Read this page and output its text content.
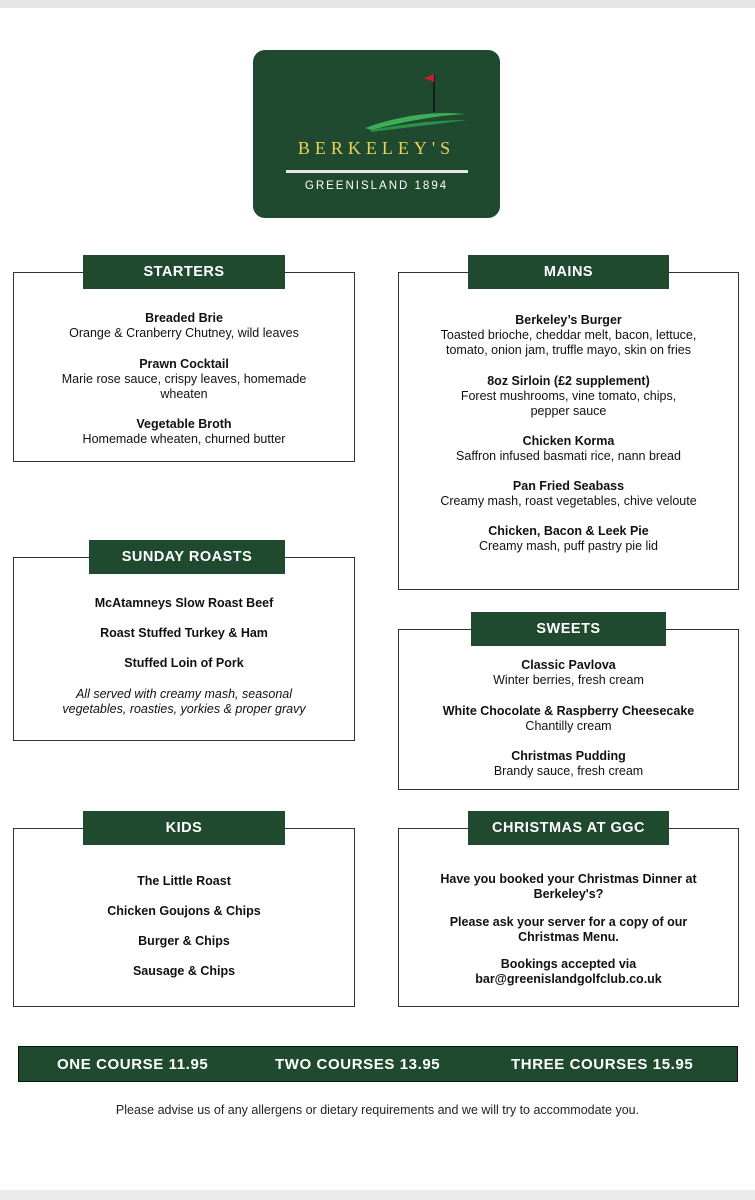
BERKELEY'S
GREENISLAND 1894
Breaded Brie
Orange & Cranberry Chutney, wild leaves
Prawn Cocktail
Marie rose sauce, crispy leaves, homemade
wheaten
Vegetable Broth
Homemade wheaten, churned butter
STARTERS
Berkeley’s Burger
Toasted brioche, cheddar melt, bacon, lettuce,
tomato, onion jam, truffle mayo, skin on fries
8oz Sirloin (£2 supplement)
Forest mushrooms, vine tomato, chips,
pepper sauce
Chicken Korma
Saffron infused basmati rice, nann bread
Pan Fried Seabass
Creamy mash, roast vegetables, chive veloute
Chicken, Bacon & Leek Pie
Creamy mash, puff pastry pie lid
MAINS
McAtamneys Slow Roast Beef
Roast Stuffed Turkey & Ham
Stuffed Loin of Pork
All served with creamy mash, seasonal
vegetables, roasties, yorkies & proper gravy
SUNDAY ROASTS
Classic Pavlova
Winter berries, fresh cream
White Chocolate & Raspberry Cheesecake
Chantilly cream
Christmas Pudding
Brandy sauce, fresh cream
SWEETS
The Little Roast
Chicken Goujons & Chips
Burger & Chips
Sausage & Chips
KIDS
Have you booked your Christmas Dinner at
Berkeley's?
Please ask your server for a copy of our
Christmas Menu.
Bookings accepted via
bar@greenislandgolfclub.co.uk
CHRISTMAS AT GGC
ONE COURSE 11.95	TWO COURSES 13.95	THREE COURSES 15.95
Please advise us of any allergens or dietary requirements and we will try to accommodate you.
